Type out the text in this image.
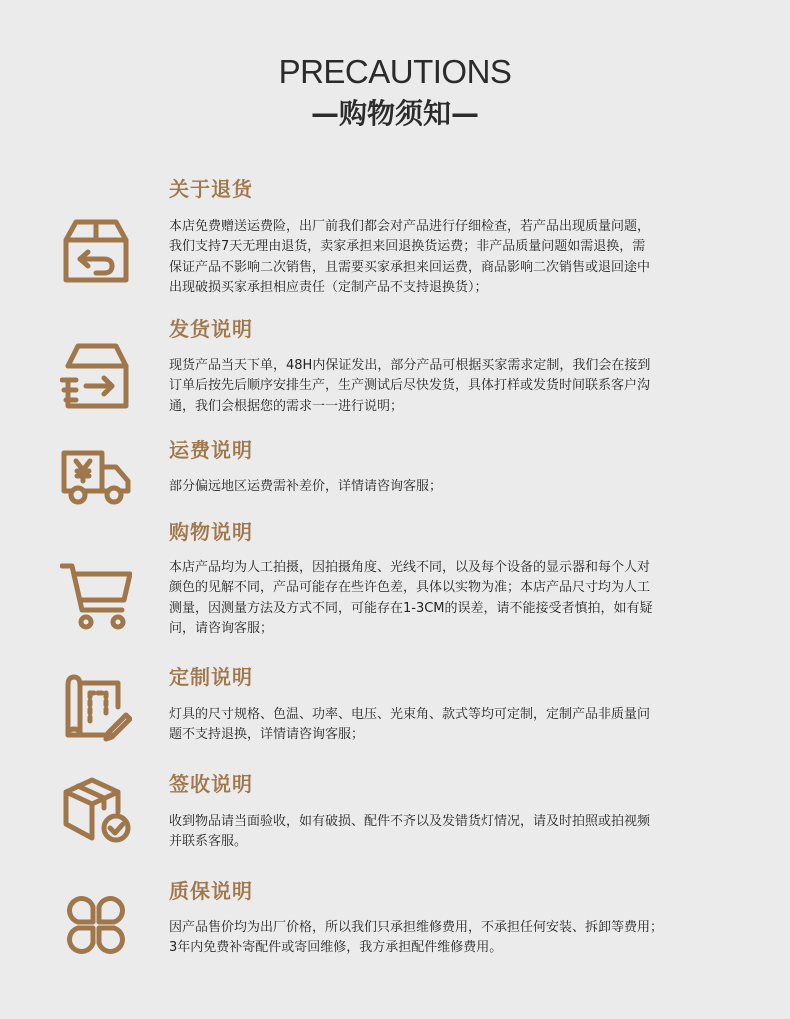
PRECAUTIONS
—购物须知—
关于退货
本店免费赠送运费险，出厂前我们都会对产品进行仔细检查，若产品出现质量问题，
我们支持7天无理由退货，卖家承担来回退换货运费；非产品质量问题如需退换，需
保证产品不影响二次销售，且需要买家承担来回运费，商品影响二次销售或退回途中
出现破损买家承担相应责任（定制产品不支持退换货）；
发货说明
现货产品当天下单，48H内保证发出，部分产品可根据买家需求定制，我们会在接到
订单后按先后顺序安排生产，生产测试后尽快发货，具体打样或发货时间联系客户沟
通，我们会根据您的需求一一进行说明；
运费说明
部分偏远地区运费需补差价，详情请咨询客服；
购物说明
本店产品均为人工拍摄，因拍摄角度、光线不同，以及每个设备的显示器和每个人对
颜色的见解不同，产品可能存在些许色差，具体以实物为准；本店产品尺寸均为人工
测量，因测量方法及方式不同，可能存在1-3CM的误差，请不能接受者慎拍，如有疑
问，请咨询客服；
定制说明
灯具的尺寸规格、色温、功率、电压、光束角、款式等均可定制，定制产品非质量问
题不支持退换，详情请咨询客服；
签收说明
收到物品请当面验收，如有破损、配件不齐以及发错货灯情况，请及时拍照或拍视频
并联系客服。
质保说明
因产品售价均为出厂价格，所以我们只承担维修费用，不承担任何安装、拆卸等费用；
3年内免费补寄配件或寄回维修，我方承担配件维修费用。
